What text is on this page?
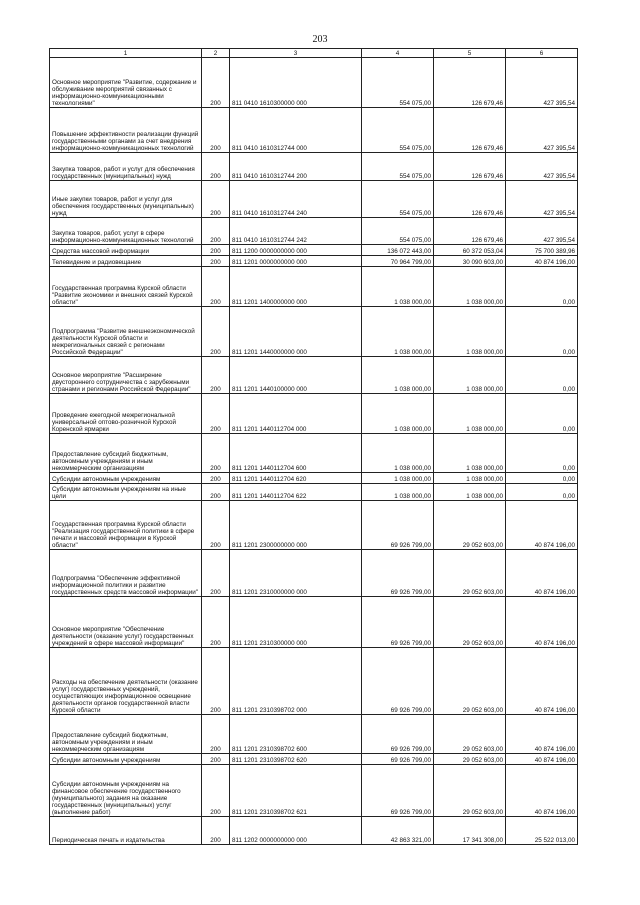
203
1	2	3	4	5	6
Основное мероприятие "Развитие, содержание и обслуживание мероприятий связанных с информационно-коммуникационными технологиями"	200	811 0410 1610300000 000	554 075,00	126 679,46	427 395,54
Повышение эффективности реализации функций государственными органами за счет внедрения информационно-коммуникационных технологий	200	811 0410 1610312744 000	554 075,00	126 679,46	427 395,54
Закупка товаров, работ и услуг для обеспечения государственных (муниципальных) нужд	200	811 0410 1610312744 200	554 075,00	126 679,46	427 395,54
Иные закупки товаров, работ и услуг для обеспечения государственных (муниципальных) нужд	200	811 0410 1610312744 240	554 075,00	126 679,46	427 395,54
Закупка товаров, работ, услуг в сфере информационно-коммуникационных технологий	200	811 0410 1610312744 242	554 075,00	126 679,46	427 395,54
Средства массовой информации	200	811 1200 0000000000 000	136 072 443,00	60 372 053,04	75 700 389,96
Телевидение и радиовещание	200	811 1201 0000000000 000	70 964 799,00	30 090 603,00	40 874 196,00
Государственная программа Курской области "Развитие экономики и внешних связей Курской области"	200	811 1201 1400000000 000	1 038 000,00	1 038 000,00	0,00
Подпрограмма "Развитие внешнеэкономической деятельности Курской области и межрегиональных связей с регионами Российской Федерации"	200	811 1201 1440000000 000	1 038 000,00	1 038 000,00	0,00
Основное мероприятие "Расширение двустороннего сотрудничества с зарубежными странами и регионами Российской Федерации"	200	811 1201 1440100000 000	1 038 000,00	1 038 000,00	0,00
Проведение ежегодной межрегиональной универсальной оптово-розничной Курской Коренской ярмарки	200	811 1201 1440112704 000	1 038 000,00	1 038 000,00	0,00
Предоставление субсидий бюджетным, автономным учреждениям и иным некоммерческим организациям	200	811 1201 1440112704 600	1 038 000,00	1 038 000,00	0,00
Субсидии автономным учреждениям	200	811 1201 1440112704 620	1 038 000,00	1 038 000,00	0,00
Субсидии автономным учреждениям на иные цели	200	811 1201 1440112704 622	1 038 000,00	1 038 000,00	0,00
Государственная программа Курской области "Реализация государственной политики в сфере печати и массовой информации в Курской области"	200	811 1201 2300000000 000	69 926 799,00	29 052 603,00	40 874 196,00
Подпрограмма "Обеспечение эффективной информационной политики и развитие государственных средств массовой информации"	200	811 1201 2310000000 000	69 926 799,00	29 052 603,00	40 874 196,00
Основное мероприятие "Обеспечение деятельности (оказание услуг) государственных учреждений в сфере массовой информации"	200	811 1201 2310300000 000	69 926 799,00	29 052 603,00	40 874 196,00
Расходы на обеспечение деятельности (оказание услуг) государственных учреждений, осуществляющих информационное освещение деятельности органов государственной власти Курской области	200	811 1201 2310398702 000	69 926 799,00	29 052 603,00	40 874 196,00
Предоставление субсидий бюджетным, автономным учреждениям и иным некоммерческим организациям	200	811 1201 2310398702 600	69 926 799,00	29 052 603,00	40 874 196,00
Субсидии автономным учреждениям	200	811 1201 2310398702 620	69 926 799,00	29 052 603,00	40 874 196,00
Субсидии автономным учреждениям на финансовое обеспечение государственного (муниципального) задания на оказание государственных (муниципальных) услуг (выполнение работ)	200	811 1201 2310398702 621	69 926 799,00	29 052 603,00	40 874 196,00
Периодическая печать и издательства	200	811 1202 0000000000 000	42 863 321,00	17 341 308,00	25 522 013,00
